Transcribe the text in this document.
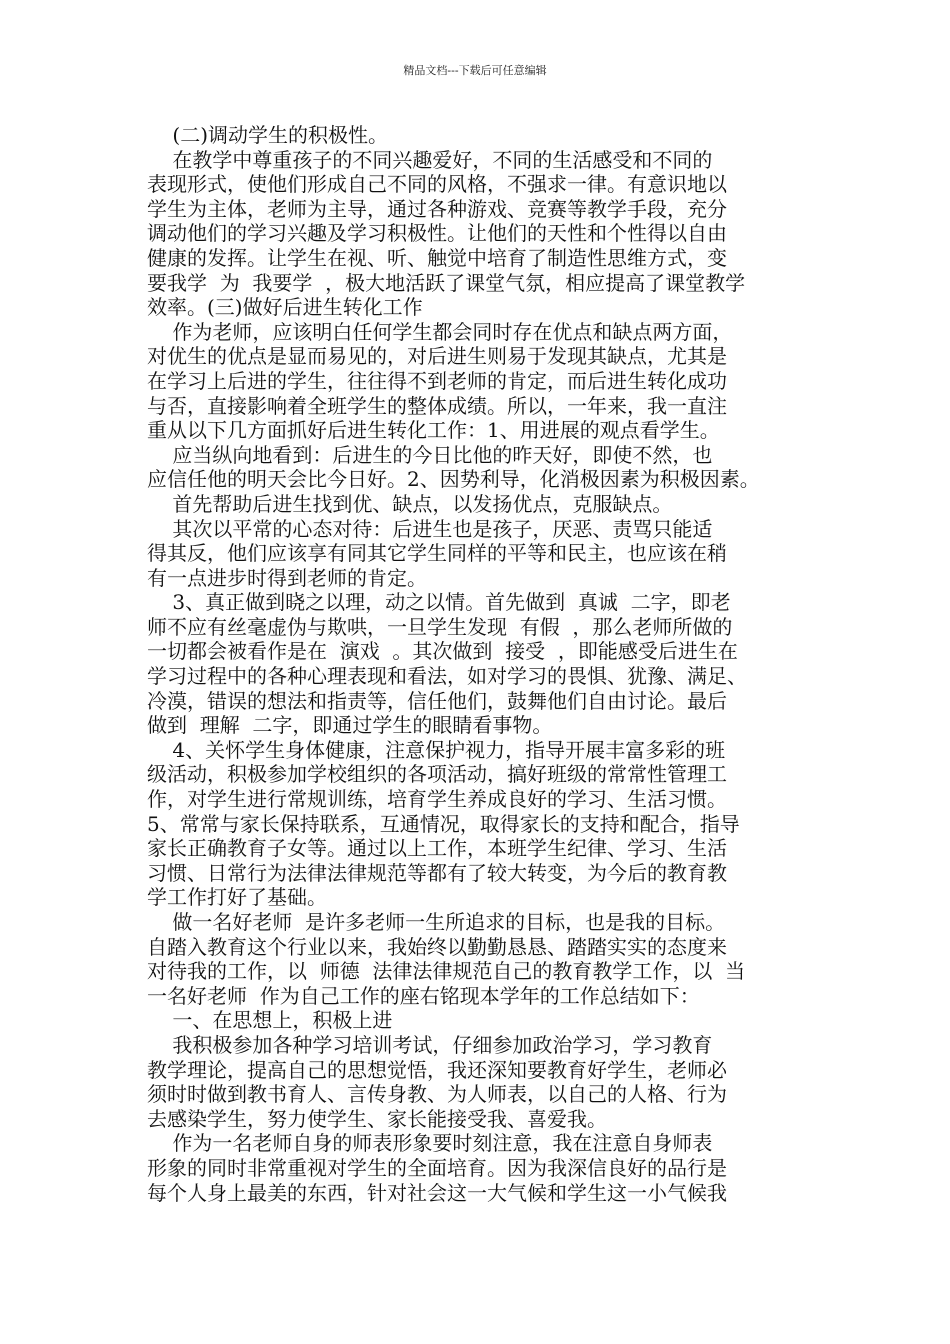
精品文档---下载后可任意编辑
(二)调动学生的积极性。
在教学中尊重孩子的不同兴趣爱好，不同的生活感受和不同的
表现形式，使他们形成自己不同的风格，不强求一律。有意识地以
学生为主体，老师为主导，通过各种游戏、竞赛等教学手段，充分
调动他们的学习兴趣及学习积极性。让他们的天性和个性得以自由
健康的发挥。让学生在视、听、触觉中培育了制造性思维方式，变
要我学  为  我要学  ，极大地活跃了课堂气氛，相应提高了课堂教学
效率。(三)做好后进生转化工作
作为老师，应该明白任何学生都会同时存在优点和缺点两方面，
对优生的优点是显而易见的，对后进生则易于发现其缺点，尤其是
在学习上后进的学生，往往得不到老师的肯定，而后进生转化成功
与否，直接影响着全班学生的整体成绩。所以，一年来，我一直注
重从以下几方面抓好后进生转化工作：1、用进展的观点看学生。
应当纵向地看到：后进生的今日比他的昨天好，即使不然，也
应信任他的明天会比今日好。2、因势利导，化消极因素为积极因素。
首先帮助后进生找到优、缺点，以发扬优点，克服缺点。
其次以平常的心态对待：后进生也是孩子，厌恶、责骂只能适
得其反，他们应该享有同其它学生同样的平等和民主，也应该在稍
有一点进步时得到老师的肯定。
3、真正做到晓之以理，动之以情。首先做到  真诚  二字，即老
师不应有丝毫虚伪与欺哄，一旦学生发现  有假  ，那么老师所做的
一切都会被看作是在  演戏  。其次做到  接受  ，即能感受后进生在
学习过程中的各种心理表现和看法，如对学习的畏惧、犹豫、满足、
冷漠，错误的想法和指责等，信任他们，鼓舞他们自由讨论。最后
做到  理解  二字，即通过学生的眼睛看事物。
4、关怀学生身体健康，注意保护视力，指导开展丰富多彩的班
级活动，积极参加学校组织的各项活动，搞好班级的常常性管理工
作，对学生进行常规训练，培育学生养成良好的学习、生活习惯。
5、常常与家长保持联系，互通情况，取得家长的支持和配合，指导
家长正确教育子女等。通过以上工作，本班学生纪律、学习、生活
习惯、日常行为法律法律规范等都有了较大转变，为今后的教育教
学工作打好了基础。
做一名好老师  是许多老师一生所追求的目标，也是我的目标。
自踏入教育这个行业以来，我始终以勤勤恳恳、踏踏实实的态度来
对待我的工作，以  师德  法律法律规范自己的教育教学工作，以  当
一名好老师  作为自己工作的座右铭现本学年的工作总结如下：
一、在思想上，积极上进
我积极参加各种学习培训考试，仔细参加政治学习，学习教育
教学理论，提高自己的思想觉悟，我还深知要教育好学生，老师必
须时时做到教书育人、言传身教、为人师表，以自己的人格、行为
去感染学生，努力使学生、家长能接受我、喜爱我。
作为一名老师自身的师表形象要时刻注意，我在注意自身师表
形象的同时非常重视对学生的全面培育。因为我深信良好的品行是
每个人身上最美的东西，针对社会这一大气候和学生这一小气候我
